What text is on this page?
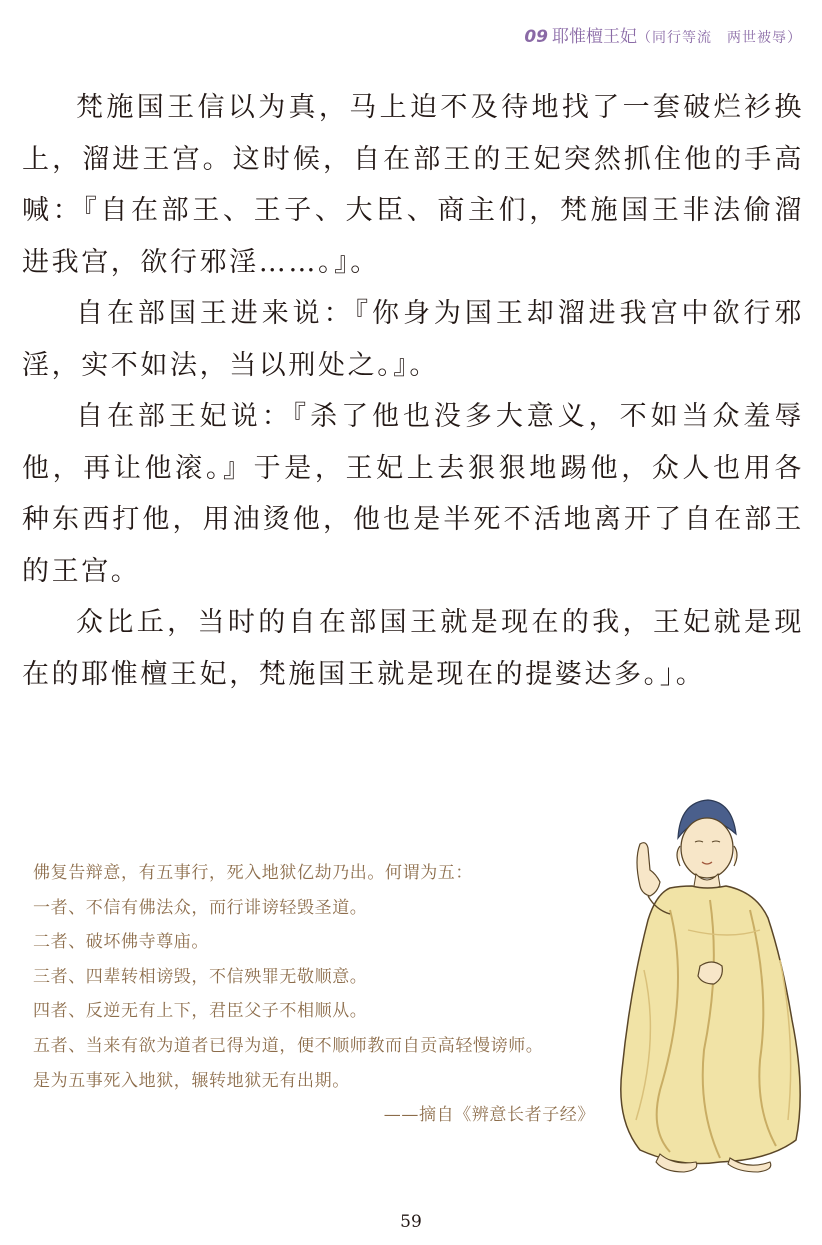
09 耶惟檀王妃（同行等流　两世被辱）

梵施国王信以为真，马上迫不及待地找了一套破烂衫换上，溜进王宫。这时候，自在部王的王妃突然抓住他的手高喊：『自在部王、王子、大臣、商主们，梵施国王非法偷溜进我宫，欲行邪淫……。』。

自在部国王进来说：『你身为国王却溜进我宫中欲行邪淫，实不如法，当以刑处之。』。

自在部王妃说：『杀了他也没多大意义，不如当众羞辱他，再让他滚。』于是，王妃上去狠狠地踢他，众人也用各种东西打他，用油烫他，他也是半死不活地离开了自在部王的王宫。

众比丘，当时的自在部国王就是现在的我，王妃就是现在的耶惟檀王妃，梵施国王就是现在的提婆达多。」。

佛复告辩意，有五事行，死入地狱亿劫乃出。何谓为五：
一者、不信有佛法众，而行诽谤轻毁圣道。
二者、破坏佛寺尊庙。
三者、四辈转相谤毁，不信殃罪无敬顺意。
四者、反逆无有上下，君臣父子不相顺从。
五者、当来有欲为道者已得为道，便不顺师教而自贡高轻慢谤师。
是为五事死入地狱，辗转地狱无有出期。
——摘自《辨意长者子经》
59
